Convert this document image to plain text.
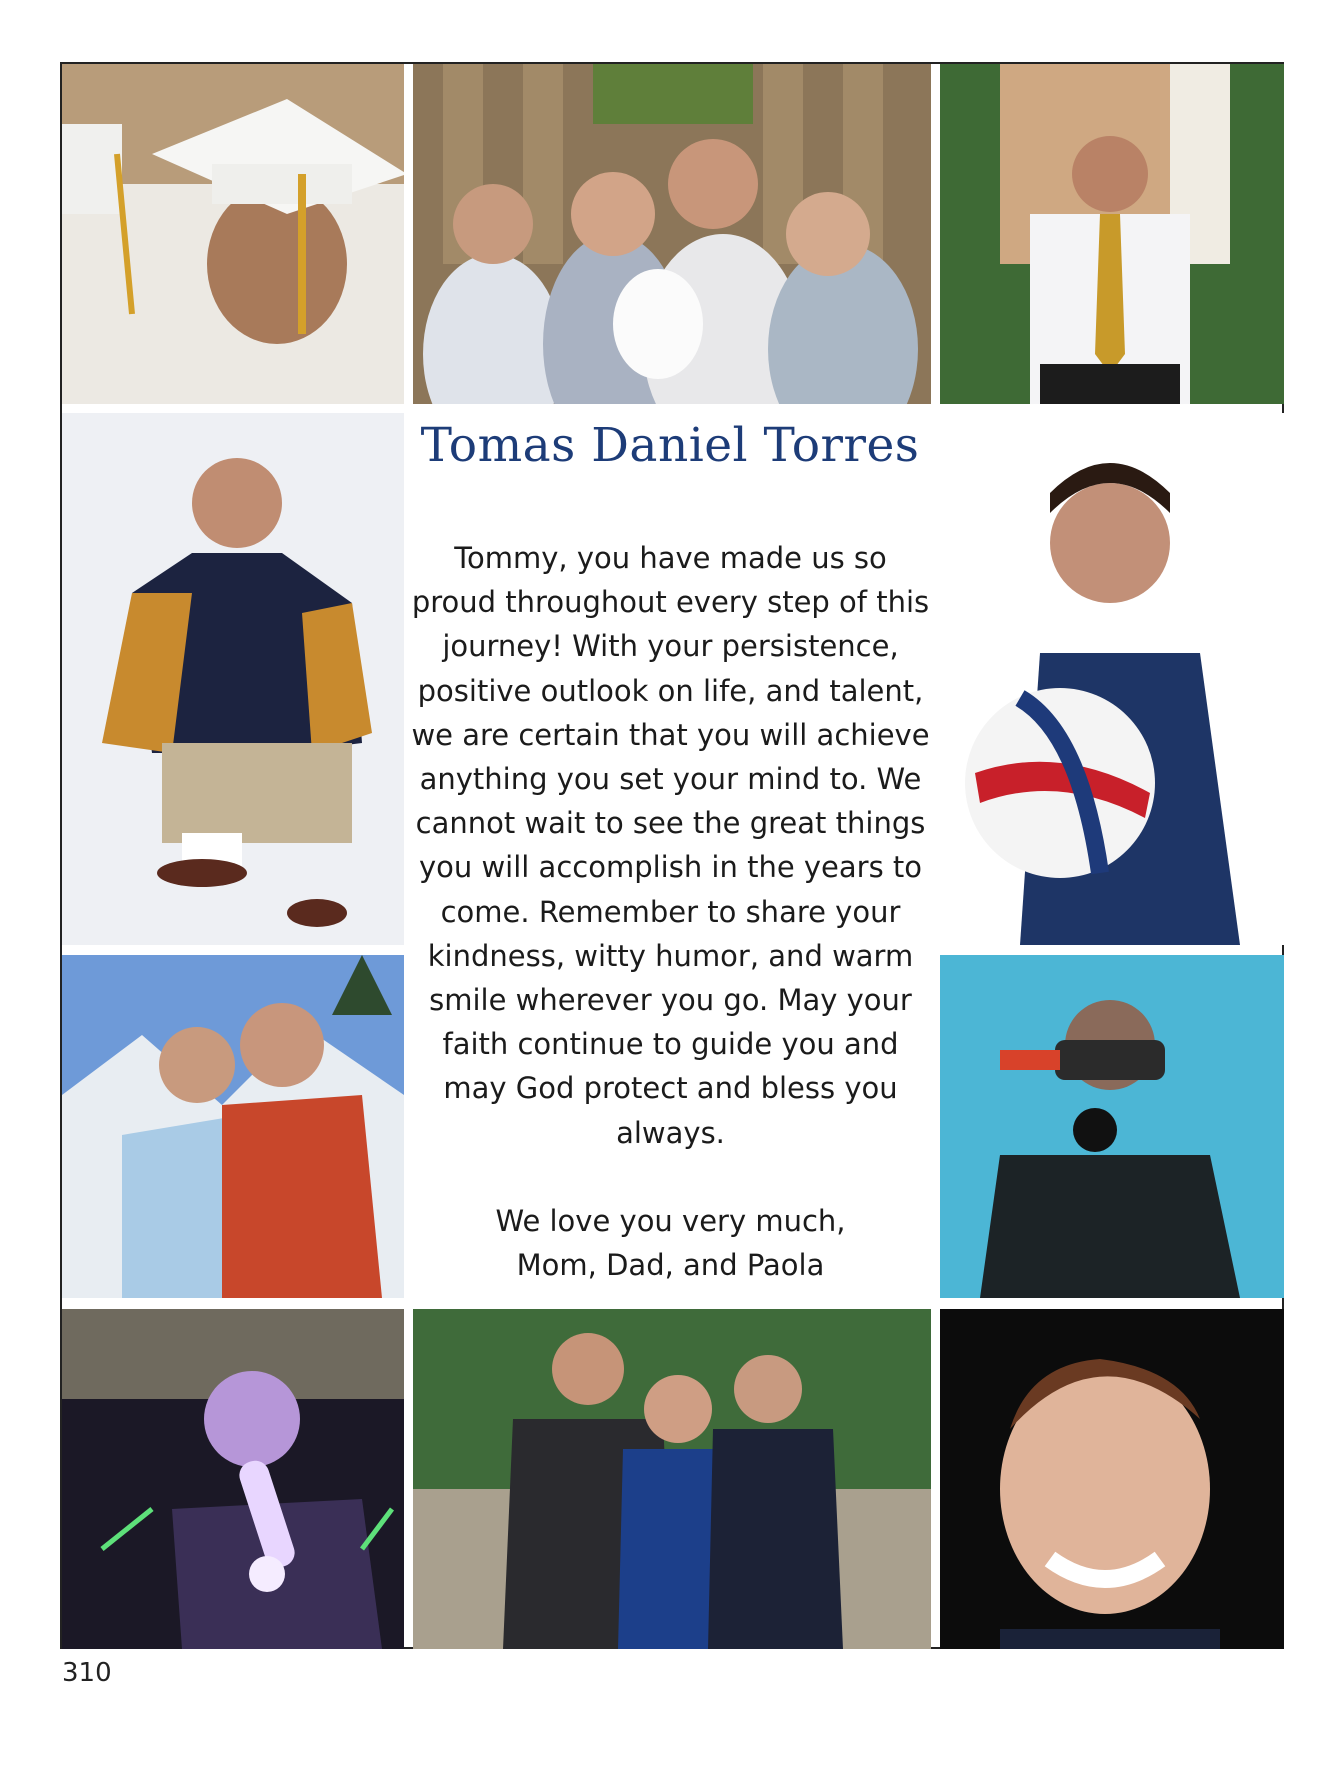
Tomas Daniel Torres

Tommy, you have made us so proud throughout every step of this journey! With your persistence, positive outlook on life, and talent, we are certain that you will achieve anything you set your mind to. We cannot wait to see the great things you will accomplish in the years to come. Remember to share your kindness, witty humor, and warm smile wherever you go. May your faith continue to guide you and may God protect and bless you always.

We love you very much,

Mom, Dad, and Paola

310
